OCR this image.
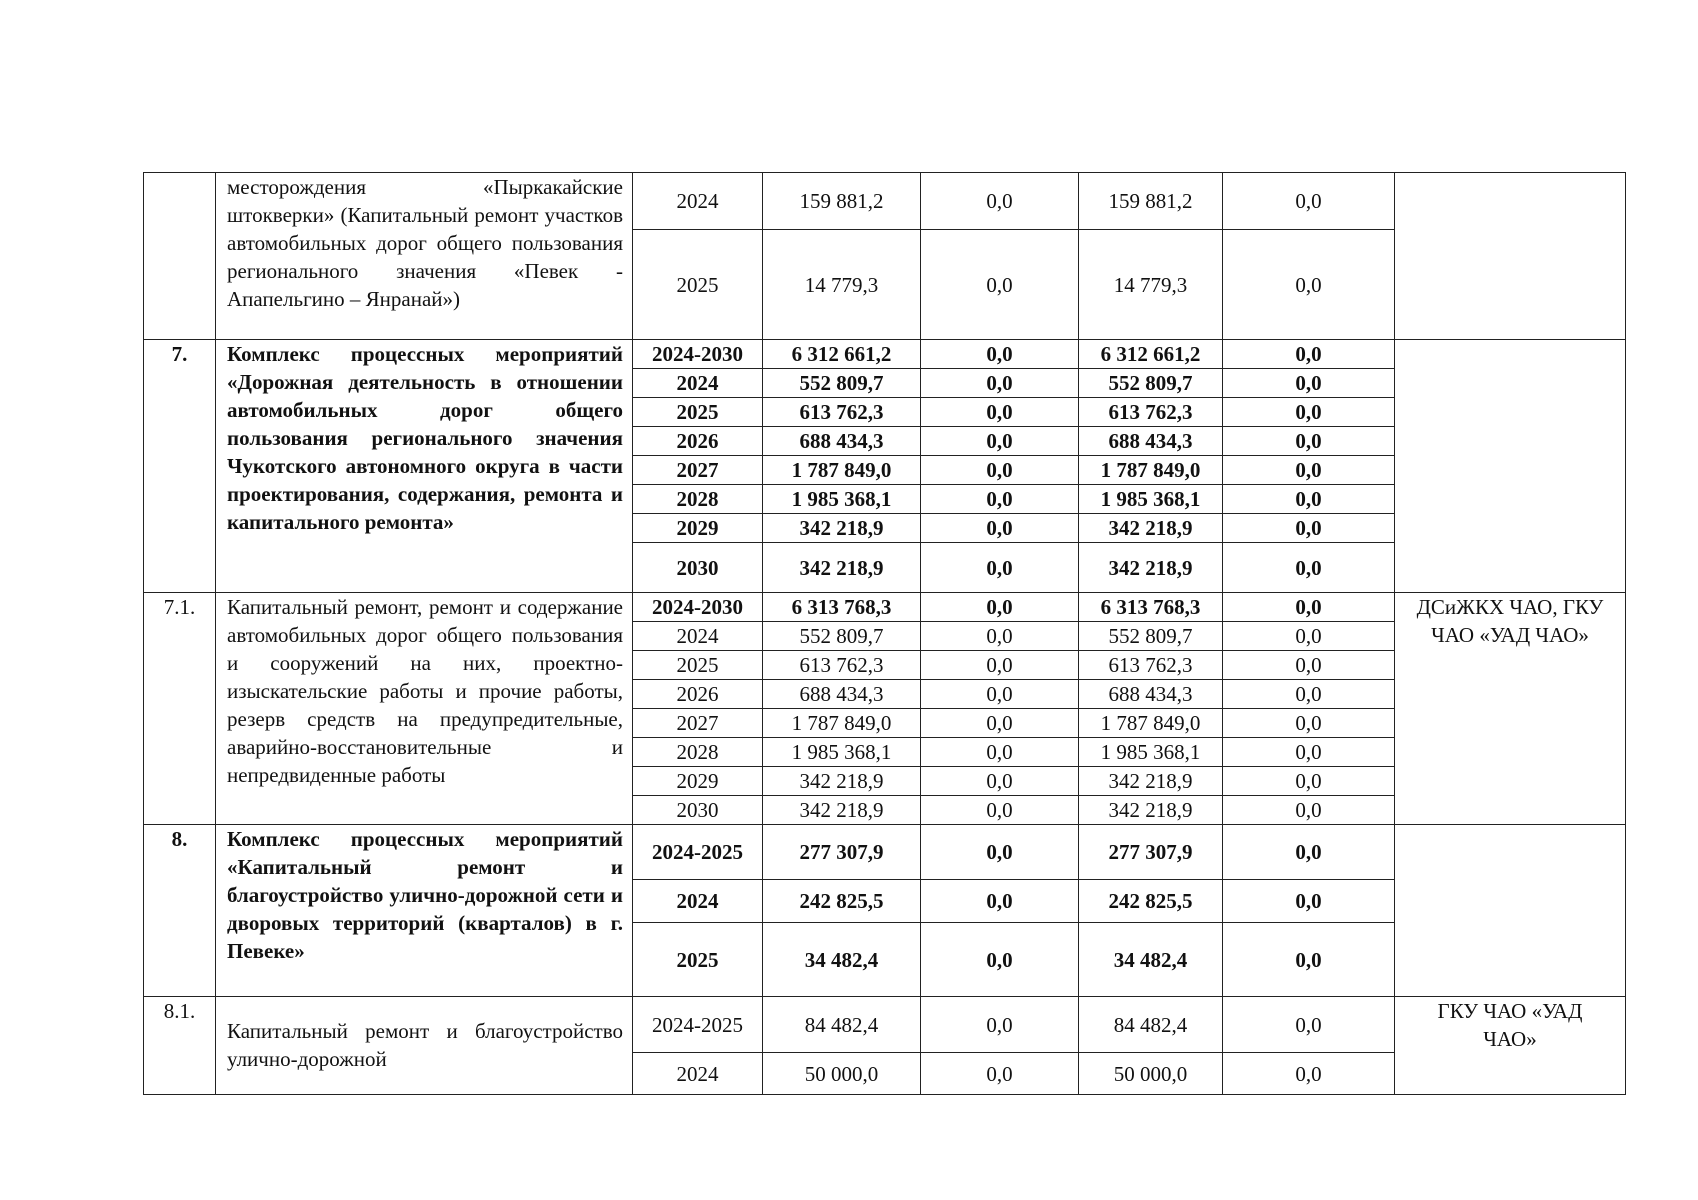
	месторождения «Пыркакайские штокверки» (Капитальный ремонт участков автомобильных дорог общего пользования регионального значения «Певек - Апапельгино – Янранай»)	2024	159 881,2	0,0	159 881,2	0,0	
		2025	14 779,3	0,0	14 779,3	0,0	
7.	Комплекс процессных мероприятий «Дорожная деятельность в отношении автомобильных дорог общего пользования регионального значения Чукотского автономного округа в части проектирования, содержания, ремонта и капитального ремонта»	2024-2030	6 312 661,2	0,0	6 312 661,2	0,0	
		2024	552 809,7	0,0	552 809,7	0,0	
		2025	613 762,3	0,0	613 762,3	0,0	
		2026	688 434,3	0,0	688 434,3	0,0	
		2027	1 787 849,0	0,0	1 787 849,0	0,0	
		2028	1 985 368,1	0,0	1 985 368,1	0,0	
		2029	342 218,9	0,0	342 218,9	0,0	
		2030	342 218,9	0,0	342 218,9	0,0	
7.1.	Капитальный ремонт, ремонт и содержание автомобильных дорог общего пользования и сооружений на них, проектно-изыскательские работы и прочие работы, резерв средств на предупредительные, аварийно-восстановительные и непредвиденные работы	2024-2030	6 313 768,3	0,0	6 313 768,3	0,0	ДСиЖКХ ЧАО, ГКУ ЧАО «УАД ЧАО»
		2024	552 809,7	0,0	552 809,7	0,0	
		2025	613 762,3	0,0	613 762,3	0,0	
		2026	688 434,3	0,0	688 434,3	0,0	
		2027	1 787 849,0	0,0	1 787 849,0	0,0	
		2028	1 985 368,1	0,0	1 985 368,1	0,0	
		2029	342 218,9	0,0	342 218,9	0,0	
		2030	342 218,9	0,0	342 218,9	0,0	
8.	Комплекс процессных мероприятий «Капитальный ремонт и благоустройство улично-дорожной сети и дворовых территорий (кварталов) в г. Певеке»	2024-2025	277 307,9	0,0	277 307,9	0,0	
		2024	242 825,5	0,0	242 825,5	0,0	
		2025	34 482,4	0,0	34 482,4	0,0	
8.1.	Капитальный ремонт и благоустройство улично-дорожной	2024-2025	84 482,4	0,0	84 482,4	0,0	ГКУ ЧАО «УАД ЧАО»
		2024	50 000,0	0,0	50 000,0	0,0	
